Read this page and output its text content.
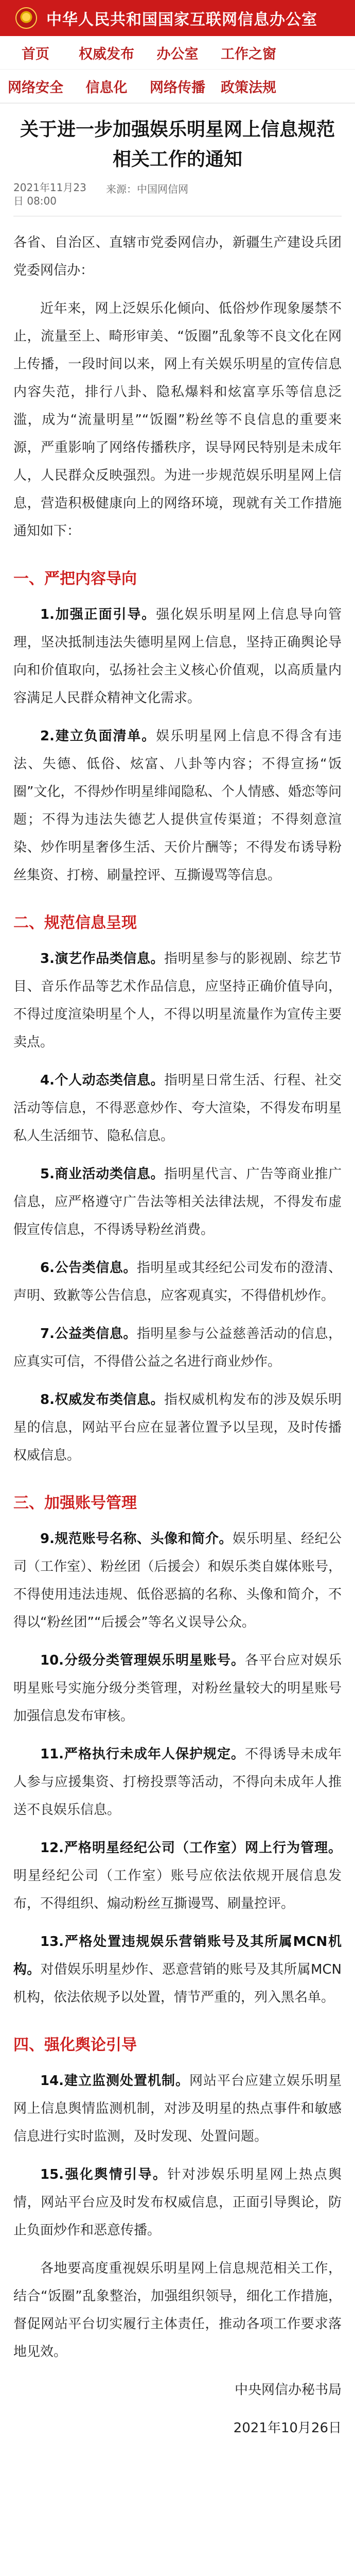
中华人民共和国国家互联网信息办公室
首页	权威发布	办公室	工作之窗
网络安全	信息化	网络传播	政策法规
关于进一步加强娱乐明星网上信息规范相关工作的通知
2021年11月23日 08:00
来源：中国网信网

各省、自治区、直辖市党委网信办，新疆生产建设兵团党委网信办：

近年来，网上泛娱乐化倾向、低俗炒作现象屡禁不止，流量至上、畸形审美、“饭圈”乱象等不良文化在网上传播，一段时间以来，网上有关娱乐明星的宣传信息内容失范，排行八卦、隐私爆料和炫富享乐等信息泛滥，成为“流量明星”“饭圈”粉丝等不良信息的重要来源，严重影响了网络传播秩序，误导网民特别是未成年人，人民群众反映强烈。为进一步规范娱乐明星网上信息，营造积极健康向上的网络环境，现就有关工作措施通知如下：

一、严把内容导向

1.加强正面引导。强化娱乐明星网上信息导向管理，坚决抵制违法失德明星网上信息，坚持正确舆论导向和价值取向，弘扬社会主义核心价值观，以高质量内容满足人民群众精神文化需求。

2.建立负面清单。娱乐明星网上信息不得含有违法、失德、低俗、炫富、八卦等内容；不得宣扬“饭圈”文化，不得炒作明星绯闻隐私、个人情感、婚恋等问题；不得为违法失德艺人提供宣传渠道；不得刻意渲染、炒作明星奢侈生活、天价片酬等；不得发布诱导粉丝集资、打榜、刷量控评、互撕谩骂等信息。

二、规范信息呈现

3.演艺作品类信息。指明星参与的影视剧、综艺节目、音乐作品等艺术作品信息，应坚持正确价值导向，不得过度渲染明星个人，不得以明星流量作为宣传主要卖点。

4.个人动态类信息。指明星日常生活、行程、社交活动等信息，不得恶意炒作、夸大渲染，不得发布明星私人生活细节、隐私信息。

5.商业活动类信息。指明星代言、广告等商业推广信息，应严格遵守广告法等相关法律法规，不得发布虚假宣传信息，不得诱导粉丝消费。

6.公告类信息。指明星或其经纪公司发布的澄清、声明、致歉等公告信息，应客观真实，不得借机炒作。

7.公益类信息。指明星参与公益慈善活动的信息，应真实可信，不得借公益之名进行商业炒作。

8.权威发布类信息。指权威机构发布的涉及娱乐明星的信息，网站平台应在显著位置予以呈现，及时传播权威信息。

三、加强账号管理

9.规范账号名称、头像和简介。娱乐明星、经纪公司（工作室）、粉丝团（后援会）和娱乐类自媒体账号，不得使用违法违规、低俗恶搞的名称、头像和简介，不得以“粉丝团”“后援会”等名义误导公众。

10.分级分类管理娱乐明星账号。各平台应对娱乐明星账号实施分级分类管理，对粉丝量较大的明星账号加强信息发布审核。

11.严格执行未成年人保护规定。不得诱导未成年人参与应援集资、打榜投票等活动，不得向未成年人推送不良娱乐信息。

12.严格明星经纪公司（工作室）网上行为管理。明星经纪公司（工作室）账号应依法依规开展信息发布，不得组织、煽动粉丝互撕谩骂、刷量控评。

13.严格处置违规娱乐营销账号及其所属MCN机构。对借娱乐明星炒作、恶意营销的账号及其所属MCN机构，依法依规予以处置，情节严重的，列入黑名单。

四、强化舆论引导

14.建立监测处置机制。网站平台应建立娱乐明星网上信息舆情监测机制，对涉及明星的热点事件和敏感信息进行实时监测，及时发现、处置问题。

15.强化舆情引导。针对涉娱乐明星网上热点舆情，网站平台应及时发布权威信息，正面引导舆论，防止负面炒作和恶意传播。

各地要高度重视娱乐明星网上信息规范相关工作，结合“饭圈”乱象整治，加强组织领导，细化工作措施，督促网站平台切实履行主体责任，推动各项工作要求落地见效。

中央网信办秘书局

2021年10月26日
